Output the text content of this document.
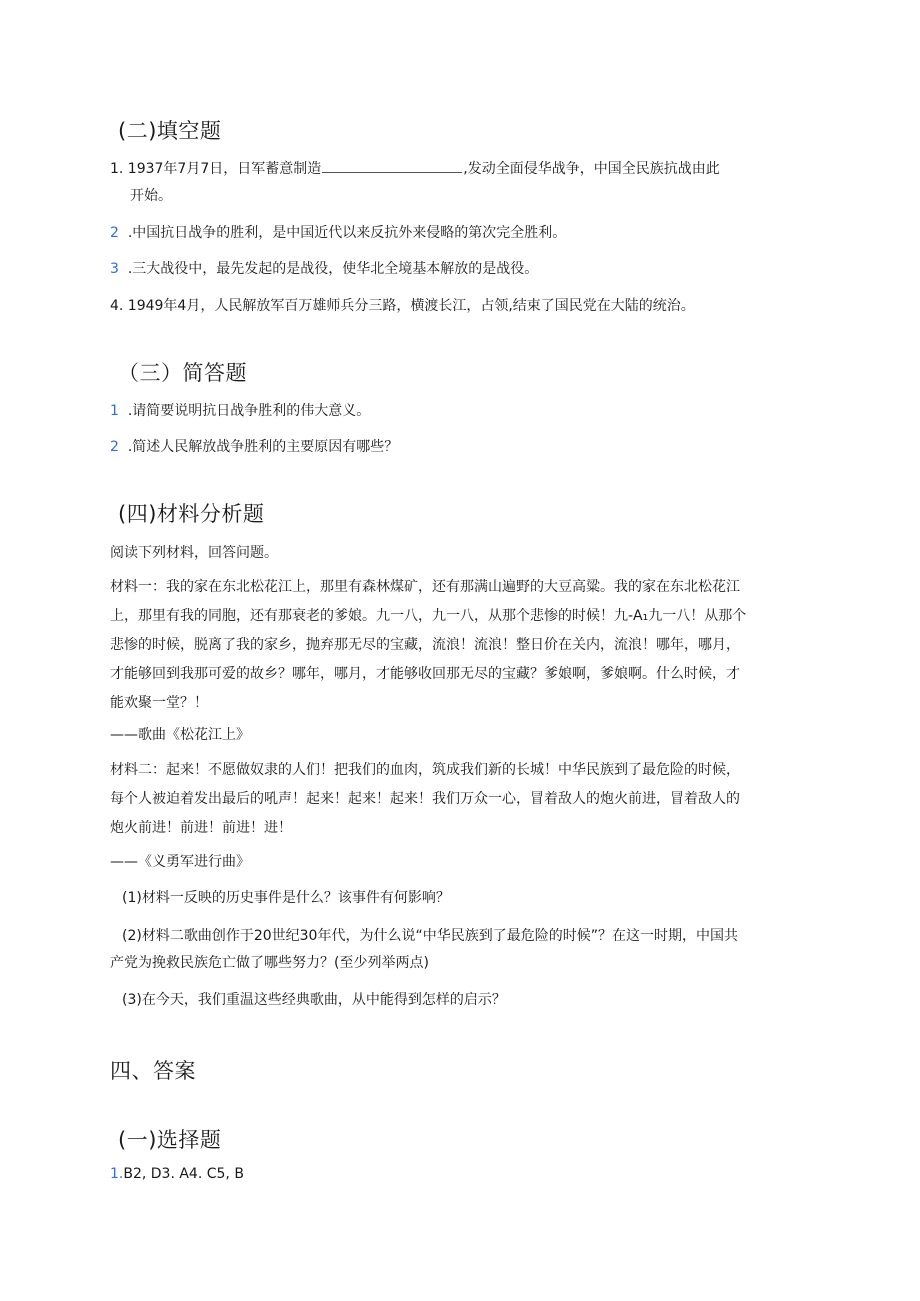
(二)填空题
1. 1937年7月7日，日军蓄意制造	,发动全面侵华战争，中国全民族抗战由此
开始。
2 .中国抗日战争的胜利，是中国近代以来反抗外来侵略的第次完全胜利。
3 .三大战役中，最先发起的是战役，使华北全境基本解放的是战役。
4. 1949年4月，人民解放军百万雄师兵分三路，横渡长江，占领,结束了国民党在大陆的统治。
（三）简答题
1 .请简要说明抗日战争胜利的伟大意义。
2 .简述人民解放战争胜利的主要原因有哪些？
(四)材料分析题
阅读下列材料，回答问题。
材料一：我的家在东北松花江上，那里有森林煤矿，还有那满山遍野的大豆高粱。我的家在东北松花江
上，那里有我的同胞，还有那衰老的爹娘。九一八，九一八，从那个悲惨的时候！九-A₁九一八！从那个
悲惨的时候，脱离了我的家乡，抛弃那无尽的宝藏，流浪！流浪！整日价在关内，流浪！哪年，哪月，
才能够回到我那可爱的故乡？哪年，哪月，才能够收回那无尽的宝藏？爹娘啊，爹娘啊。什么时候，才
能欢聚一堂？！
——歌曲《松花江上》
材料二：起来！不愿做奴隶的人们！把我们的血肉，筑成我们新的长城！中华民族到了最危险的时候，
每个人被迫着发出最后的吼声！起来！起来！起来！我们万众一心，冒着敌人的炮火前进，冒着敌人的
炮火前进！前进！前进！进！
——《义勇军进行曲》
(1)材料一反映的历史事件是什么？该事件有何影响？
(2)材料二歌曲创作于20世纪30年代，为什么说“中华民族到了最危险的时候”？在这一时期，中国共
产党为挽救民族危亡做了哪些努力？(至少列举两点)
(3)在今天，我们重温这些经典歌曲，从中能得到怎样的启示？
四、答案
(一)选择题
1.B2, D3. A4. C5, B
